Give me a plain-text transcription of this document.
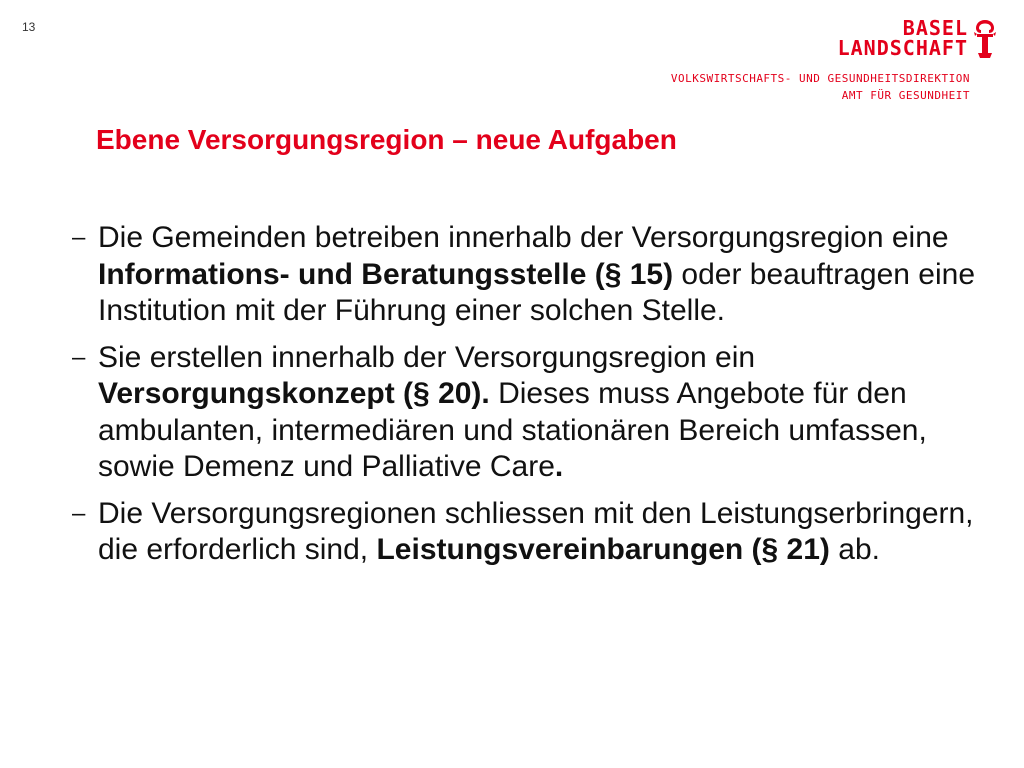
13	BASEL
LANDSCHAFT
VOLKSWIRTSCHAFTS- UND GESUNDHEITSDIREKTION
AMT FÜR GESUNDHEIT
Ebene Versorgungsregion – neue Aufgaben
– Die Gemeinden betreiben innerhalb der Versorgungsregion eine Informations- und Beratungsstelle (§ 15) oder beauftragen eine Institution mit der Führung einer solchen Stelle.
– Sie erstellen innerhalb der Versorgungsregion ein Versorgungskonzept (§ 20). Dieses muss Angebote für den ambulanten, intermediären und stationären Bereich umfassen, sowie Demenz und Palliative Care.
– Die Versorgungsregionen schliessen mit den Leistungserbringern, die erforderlich sind, Leistungsvereinbarungen (§ 21) ab.
